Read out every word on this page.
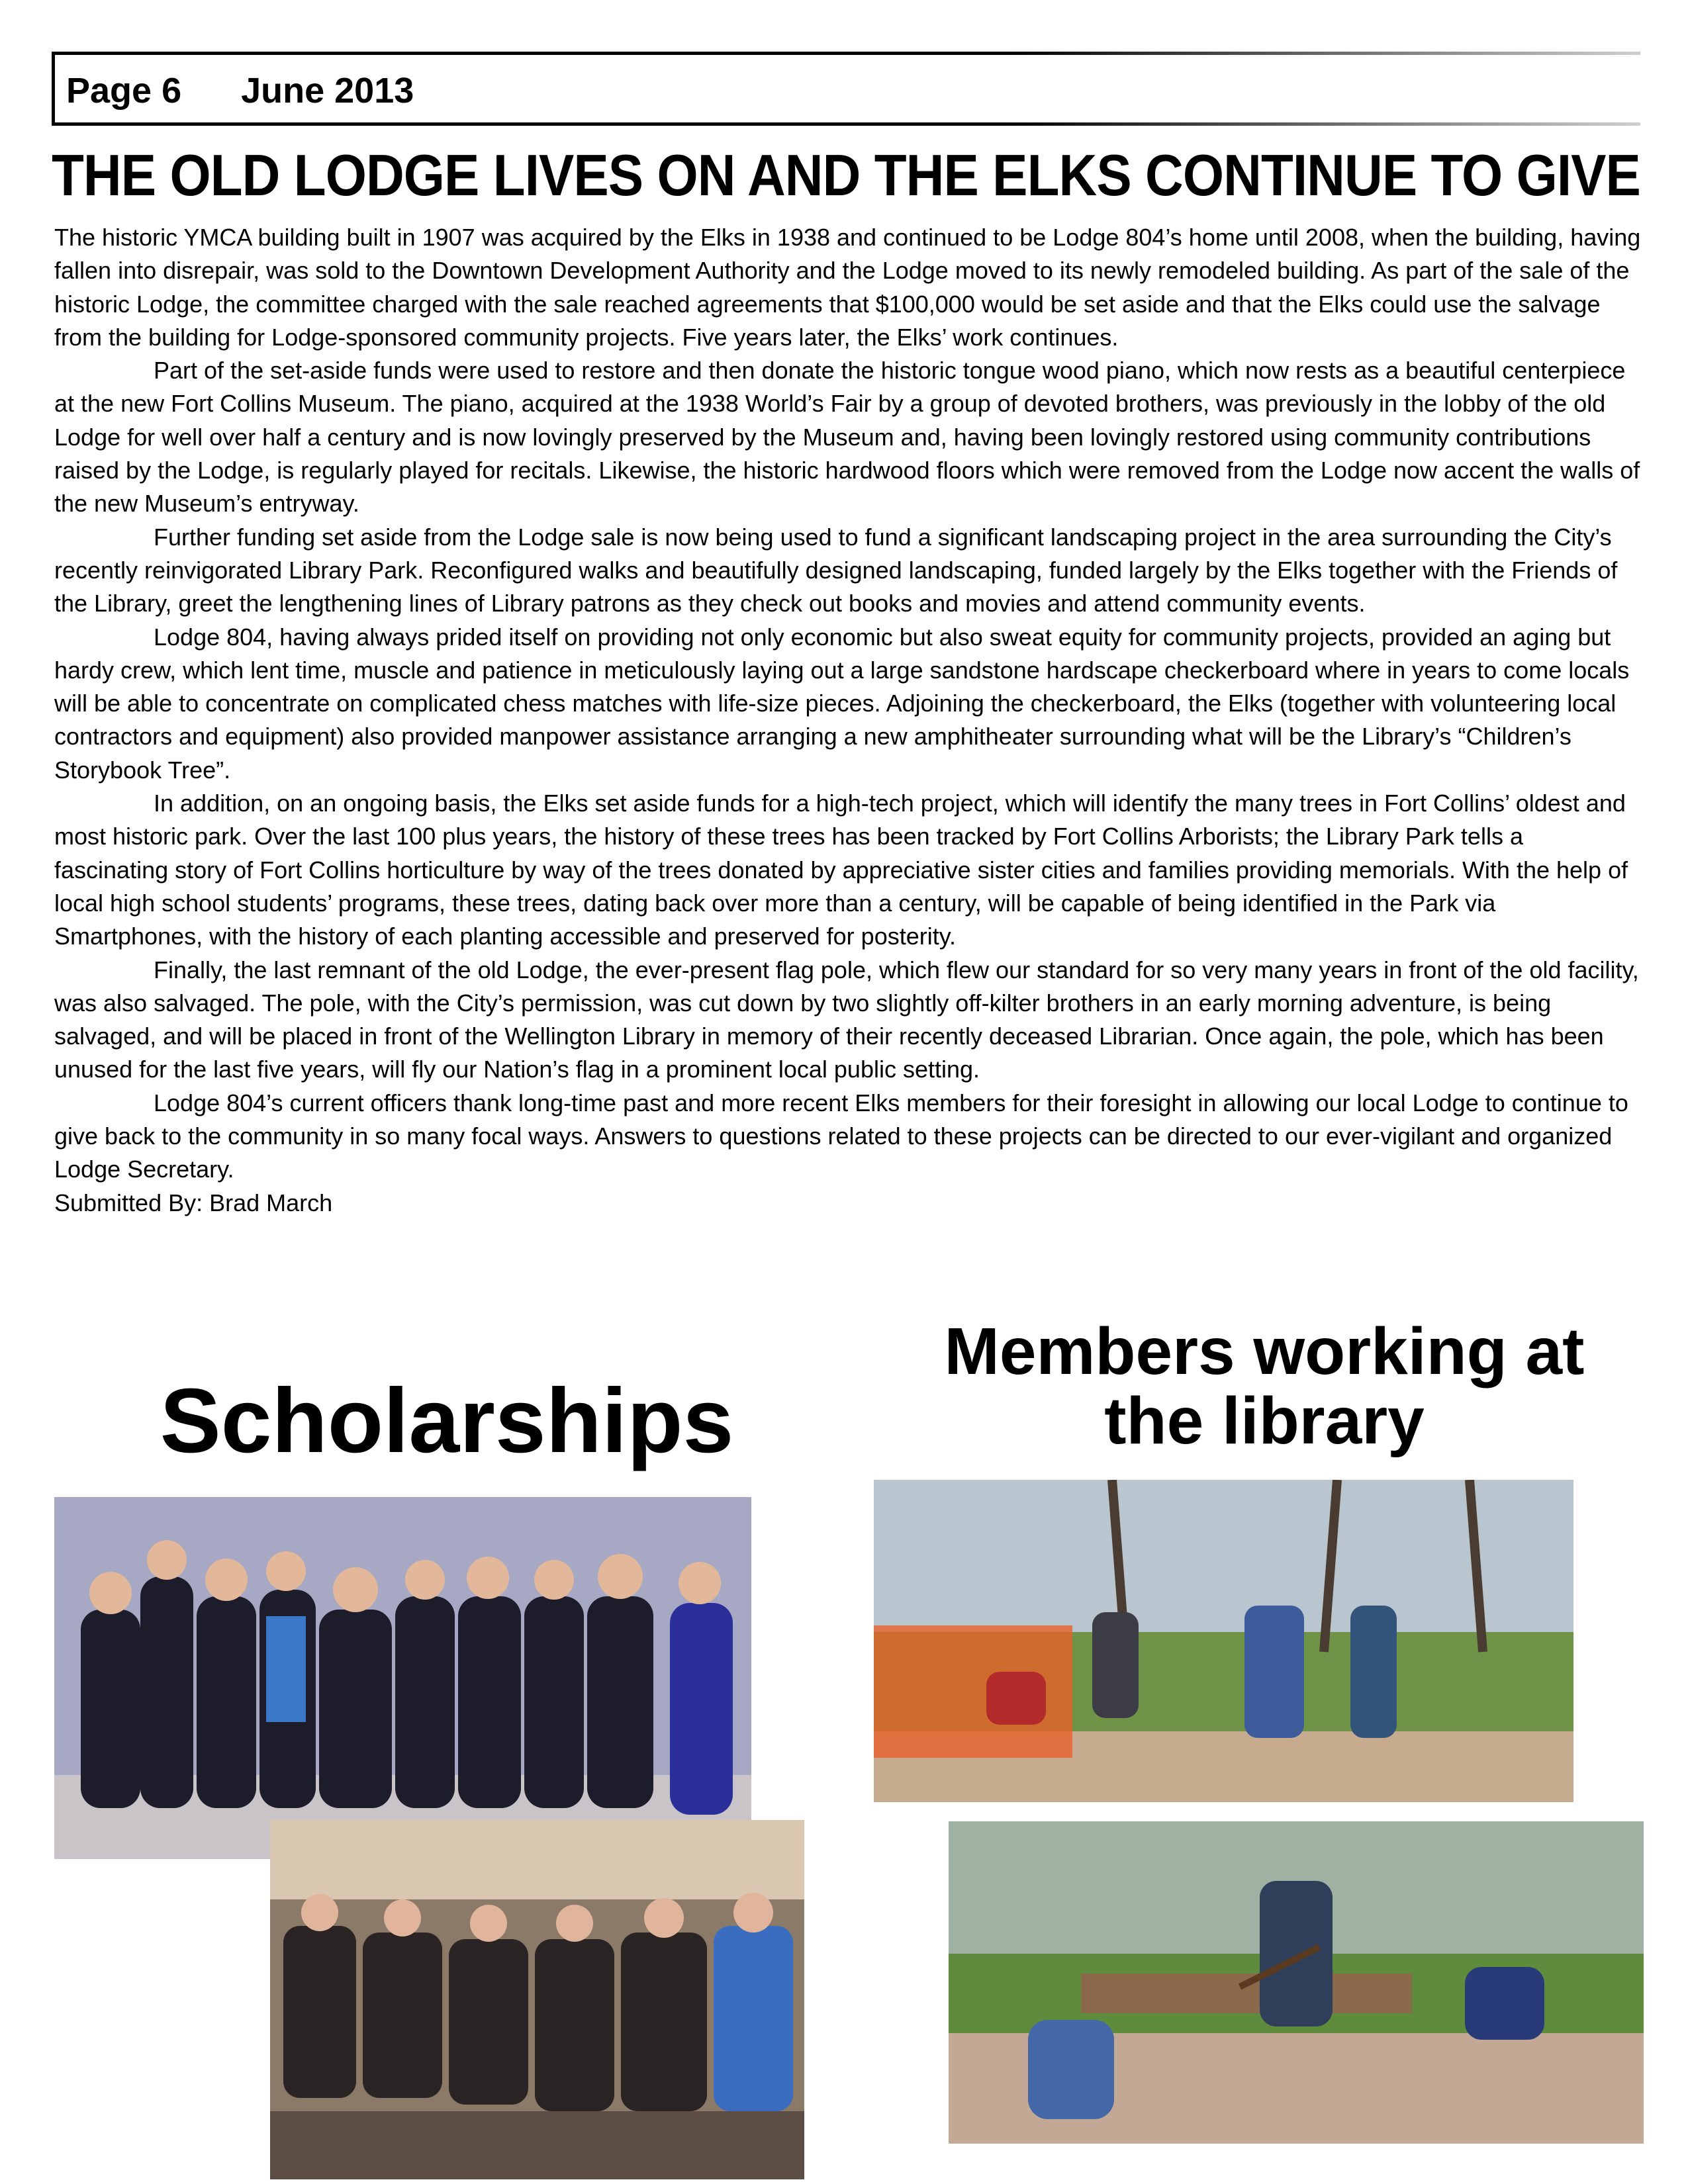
Page 6 June 2013
THE OLD LODGE LIVES ON AND THE ELKS CONTINUE TO GIVE

The historic YMCA building built in 1907 was acquired by the Elks in 1938 and continued to be Lodge 804’s home until 2008, when the building, having fallen into disrepair, was sold to the Downtown Development Authority and the Lodge moved to its newly remodeled building. As part of the sale of the historic Lodge, the committee charged with the sale reached agreements that $100,000 would be set aside and that the Elks could use the salvage from the building for Lodge-sponsored community projects. Five years later, the Elks’ work continues.

Part of the set-aside funds were used to restore and then donate the historic tongue wood piano, which now rests as a beautiful centerpiece at the new Fort Collins Museum. The piano, acquired at the 1938 World’s Fair by a group of devoted brothers, was previously in the lobby of the old Lodge for well over half a century and is now lovingly preserved by the Museum and, having been lovingly restored using community contributions raised by the Lodge, is regularly played for recitals. Likewise, the historic hardwood floors which were removed from the Lodge now accent the walls of the new Museum’s entryway.

Further funding set aside from the Lodge sale is now being used to fund a significant landscaping project in the area surrounding the City’s recently reinvigorated Library Park. Reconfigured walks and beautifully designed landscaping, funded largely by the Elks together with the Friends of the Library, greet the lengthening lines of Library patrons as they check out books and movies and attend community events.

Lodge 804, having always prided itself on providing not only economic but also sweat equity for community projects, provided an aging but hardy crew, which lent time, muscle and patience in meticulously laying out a large sandstone hardscape checkerboard where in years to come locals will be able to concentrate on complicated chess matches with life-size pieces. Adjoining the checkerboard, the Elks (together with volunteering local contractors and equipment) also provided manpower assistance arranging a new amphitheater surrounding what will be the Library’s “Children’s Storybook Tree”.

In addition, on an ongoing basis, the Elks set aside funds for a high-tech project, which will identify the many trees in Fort Collins’ oldest and most historic park. Over the last 100 plus years, the history of these trees has been tracked by Fort Collins Arborists; the Library Park tells a fascinating story of Fort Collins horticulture by way of the trees donated by appreciative sister cities and families providing memorials. With the help of local high school students’ programs, these trees, dating back over more than a century, will be capable of being identified in the Park via Smartphones, with the history of each planting accessible and preserved for posterity.

Finally, the last remnant of the old Lodge, the ever-present flag pole, which flew our standard for so very many years in front of the old facility, was also salvaged. The pole, with the City’s permission, was cut down by two slightly off-kilter brothers in an early morning adventure, is being salvaged, and will be placed in front of the Wellington Library in memory of their recently deceased Librarian. Once again, the pole, which has been unused for the last five years, will fly our Nation’s flag in a prominent local public setting.

Lodge 804’s current officers thank long-time past and more recent Elks members for their foresight in allowing our local Lodge to continue to give back to the community in so many focal ways. Answers to questions related to these projects can be directed to our ever-vigilant and organized Lodge Secretary.

Submitted By: Brad March

Scholarships
Members working at
the library
